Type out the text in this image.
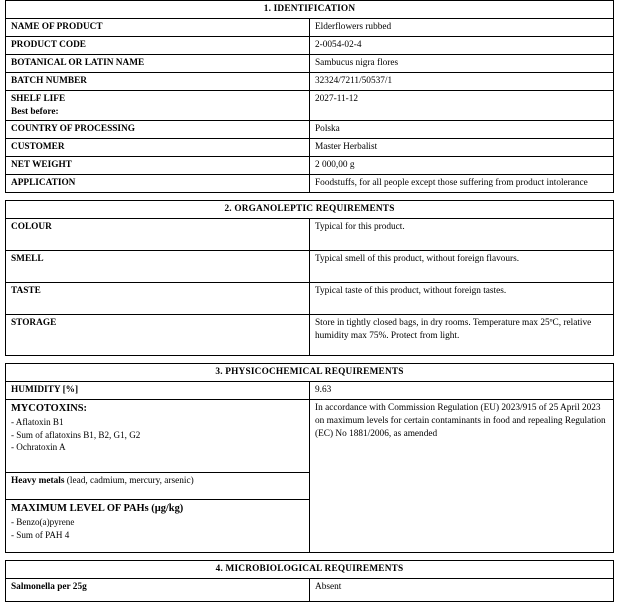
1. IDENTIFICATION	
NAME OF PRODUCT	Elderflowers rubbed
PRODUCT CODE	2-0054-02-4
BOTANICAL OR LATIN NAME	Sambucus nigra flores
BATCH NUMBER	32324/7211/50537/1

SHELF LIFE
Best before:	2027-11-12
COUNTRY OF PROCESSING	Polska
CUSTOMER	Master Herbalist
NET WEIGHT	2 000,00 g
APPLICATION	Foodstuffs, for all people except those suffering from product intolerance
2. ORGANOLEPTIC REQUIREMENTS	
COLOUR	Typical for this product.
SMELL	Typical smell of this product, without foreign flavours.
TASTE	Typical taste of this product, without foreign tastes.
STORAGE	Store in tightly closed bags, in dry rooms. Temperature max 25ºC, relative humidity max 75%. Protect from light.
3. PHYSICOCHEMICAL REQUIREMENTS	
HUMIDITY [%]	9.63

MYCOTOXINS:
- Aflatoxin B1
- Sum of aflatoxins B1, B2, G1, G2
- Ochratoxin A	In accordance with Commission Regulation (EU) 2023/915 of 25 April 2023 on maximum levels for certain contaminants in food and repealing Regulation (EC) No 1881/2006, as amended
Heavy metals (lead, cadmium, mercury, arsenic)	

MAXIMUM LEVEL OF PAHs (µg/kg)
- Benzo(a)pyrene
- Sum of PAH 4	
4. MICROBIOLOGICAL REQUIREMENTS
Salmonella per 25g	Absent
